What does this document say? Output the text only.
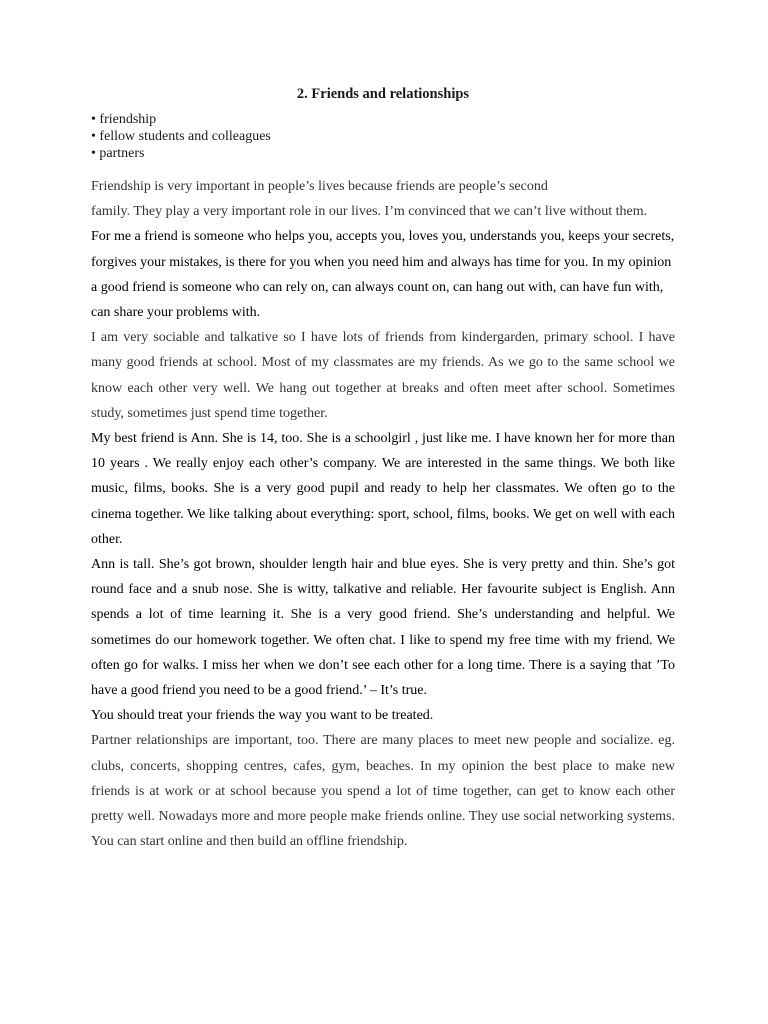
2. Friends and relationships
• friendship
• fellow students and colleagues
• partners

Friendship is very important in people’s lives because friends are people’s second
family. They play a very important role in our lives. I’m convinced that we can’t live without them.

For me a friend is someone who helps you, accepts you, loves you, understands you, keeps your secrets, forgives your mistakes, is there for you when you need him and always has time for you. In my opinion a good friend is someone who can rely on, can always count on, can hang out with, can have fun with, can share your problems with.

I am very sociable and talkative so I have lots of friends from kindergarden, primary school. I have many good friends at school. Most of my classmates are my friends. As we go to the same school we know each other very well. We hang out together at breaks and often meet after school. Sometimes study, sometimes just spend time together.

My best friend is Ann. She is 14, too. She is a schoolgirl , just like me. I have known her for more than 10 years . We really enjoy each other’s company. We are interested in the same things. We both like music, films, books. She is a very good pupil and ready to help her classmates. We often go to the cinema together. We like talking about everything: sport, school, films, books. We get on well with each other.

Ann is tall. She’s got brown, shoulder length hair and blue eyes. She is very pretty and thin. She’s got round face and a snub nose. She is witty, talkative and reliable. Her favourite subject is English. Ann spends a lot of time learning it. She is a very good friend. She’s understanding and helpful. We sometimes do our homework together. We often chat. I like to spend my free time with my friend. We often go for walks. I miss her when we don’t see each other for a long time. There is a saying that ’To have a good friend you need to be a good friend.’ – It’s true.

You should treat your friends the way you want to be treated.

Partner relationships are important, too. There are many places to meet new people and socialize. eg. clubs, concerts, shopping centres, cafes, gym, beaches. In my opinion the best place to make new friends is at work or at school because you spend a lot of time together, can get to know each other pretty well. Nowadays more and more people make friends online. They use social networking systems. You can start online and then build an offline friendship.
